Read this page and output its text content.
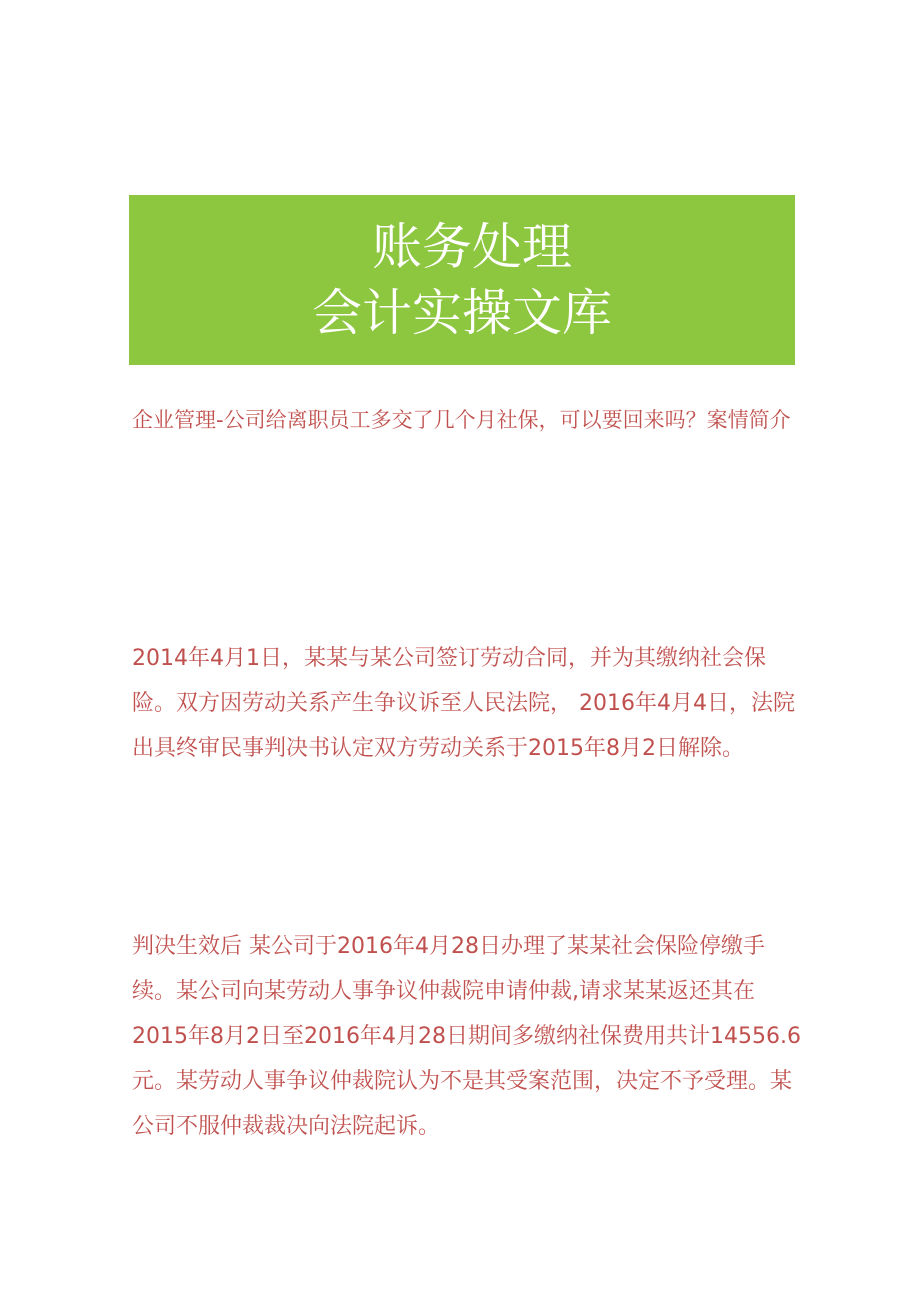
账务处理
会计实操文库

企业管理-公司给离职员工多交了几个月社保，可以要回来吗？案情简介

2014年4月1日，某某与某公司签订劳动合同，并为其缴纳社会保险。双方因劳动关系产生争议诉至人民法院， 2016年4月4日，法院出具终审民事判决书认定双方劳动关系于2015年8月2日解除。

判决生效后 某公司于2016年4月28日办理了某某社会保险停缴手续。某公司向某劳动人事争议仲裁院申请仲裁,请求某某返还其在2015年8月2日至2016年4月28日期间多缴纳社保费用共计14556.6元。某劳动人事争议仲裁院认为不是其受案范围，决定不予受理。某公司不服仲裁裁决向法院起诉。
